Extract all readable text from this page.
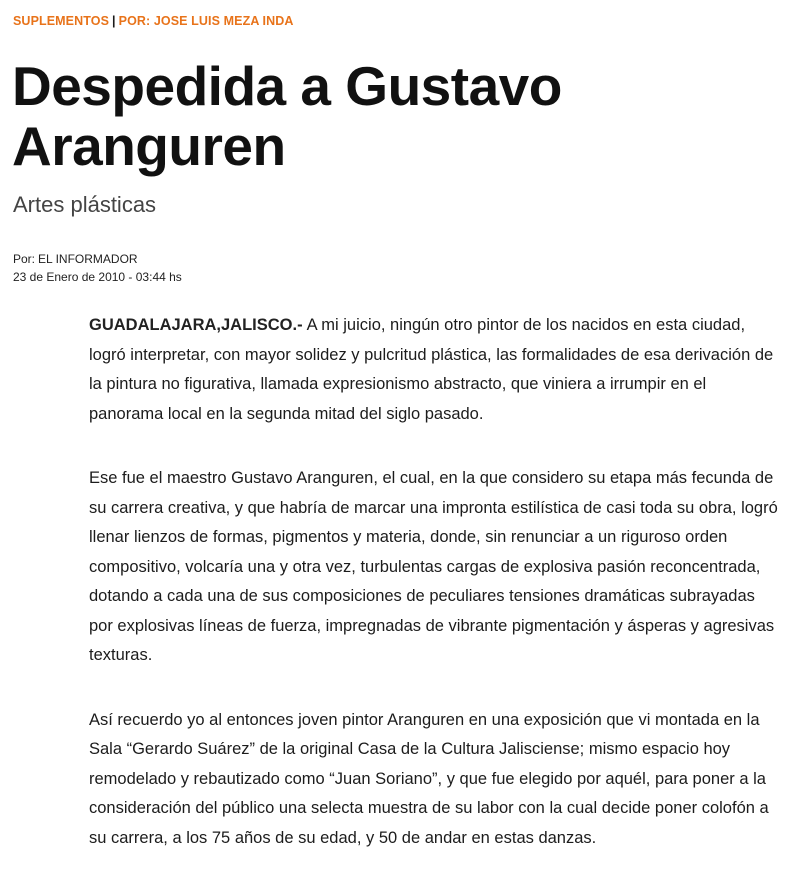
SUPLEMENTOS | POR: JOSE LUIS MEZA INDA
Despedida a Gustavo Aranguren
Artes plásticas
Por: EL INFORMADOR
23 de Enero de 2010 - 03:44 hs

GUADALAJARA,JALISCO.- A mi juicio, ningún otro pintor de los nacidos en esta ciudad, logró interpretar, con mayor solidez y pulcritud plástica, las formalidades de esa derivación de la pintura no figurativa, llamada expresionismo abstracto, que viniera a irrumpir en el panorama local en la segunda mitad del siglo pasado.

Ese fue el maestro Gustavo Aranguren, el cual, en la que considero su etapa más fecunda de su carrera creativa, y que habría de marcar una impronta estilística de casi toda su obra, logró llenar lienzos de formas, pigmentos y materia, donde, sin renunciar a un riguroso orden compositivo, volcaría una y otra vez, turbulentas cargas de explosiva pasión reconcentrada, dotando a cada una de sus composiciones de peculiares tensiones dramáticas subrayadas por explosivas líneas de fuerza, impregnadas de vibrante pigmentación y ásperas y agresivas texturas.

Así recuerdo yo al entonces joven pintor Aranguren en una exposición que vi montada en la Sala “Gerardo Suárez” de la original Casa de la Cultura Jalisciense; mismo espacio hoy remodelado y rebautizado como “Juan Soriano”, y que fue elegido por aquél, para poner a la consideración del público una selecta muestra de su labor con la cual decide poner colofón a su carrera, a los 75 años de su edad, y 50 de andar en estas danzas.
